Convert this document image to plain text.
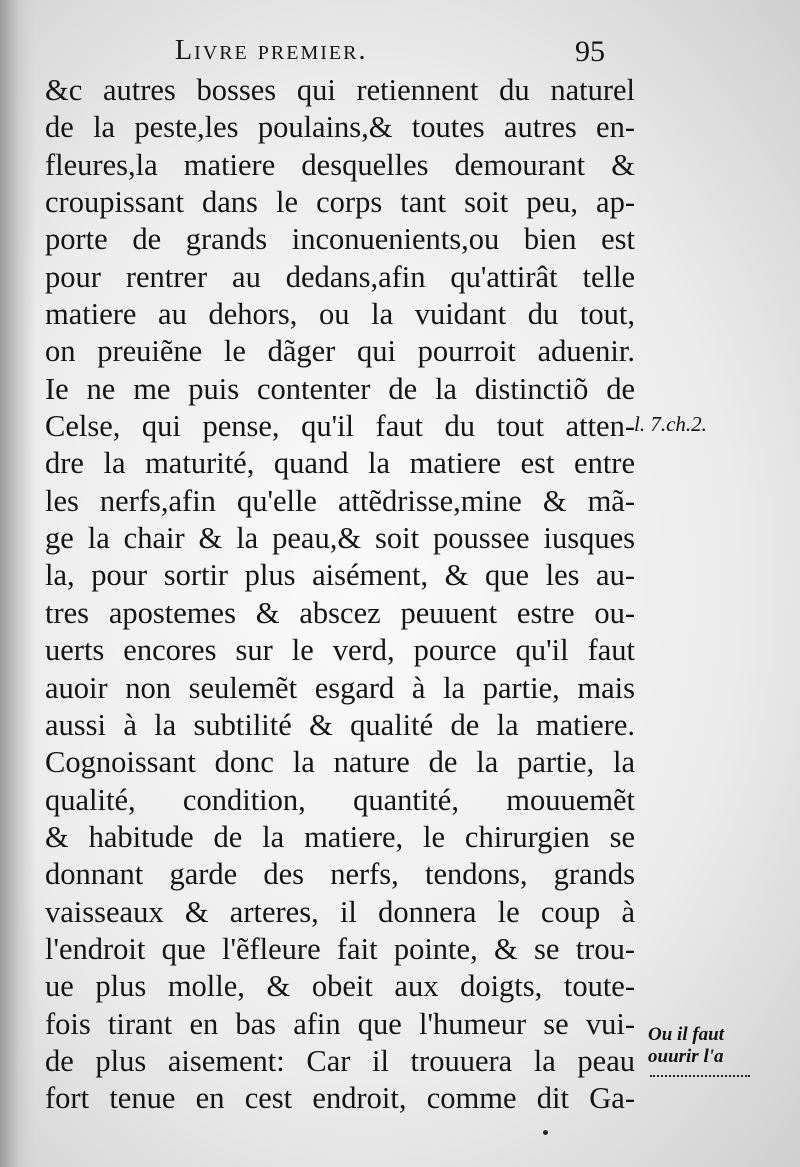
Livre premier.	95
&c autres bosses qui retiennent du naturel
de la peste,les poulains,& toutes autres en-
fleures,la matiere desquelles demourant &
croupissant dans le corps tant soit peu, ap-
porte de grands inconuenients,ou bien est
pour rentrer au dedans,afin qu'attirât telle
matiere au dehors, ou la vuidant du tout,
on preuiẽne le dãger qui pourroit aduenir.
Ie ne me puis contenter de la distinctiõ de
Celse, qui pense, qu'il faut du tout atten-
dre la maturité, quand la matiere est entre
les nerfs,afin qu'elle attẽdrisse,mine & mã-
ge la chair & la peau,& soit poussee iusques
la, pour sortir plus aisément, & que les au-
tres apostemes & abscez peuuent estre ou-
uerts encores sur le verd, pource qu'il faut
auoir non seulemẽt esgard à la partie, mais
aussi à la subtilité & qualité de la matiere.
Cognoissant donc la nature de la partie, la
qualité, condition, quantité, mouuemẽt
& habitude de la matiere, le chirurgien se
donnant garde des nerfs, tendons, grands
vaisseaux & arteres, il donnera le coup à
l'endroit que l'ẽfleure fait pointe, & se trou-
ue plus molle, & obeit aux doigts, toute-
fois tirant en bas afin que l'humeur se vui-
de plus aisement: Car il trouuera la peau
fort tenue en cest endroit, comme dit Ga-
l. 7.ch.2.
Ou il faut
ouurir l'a
